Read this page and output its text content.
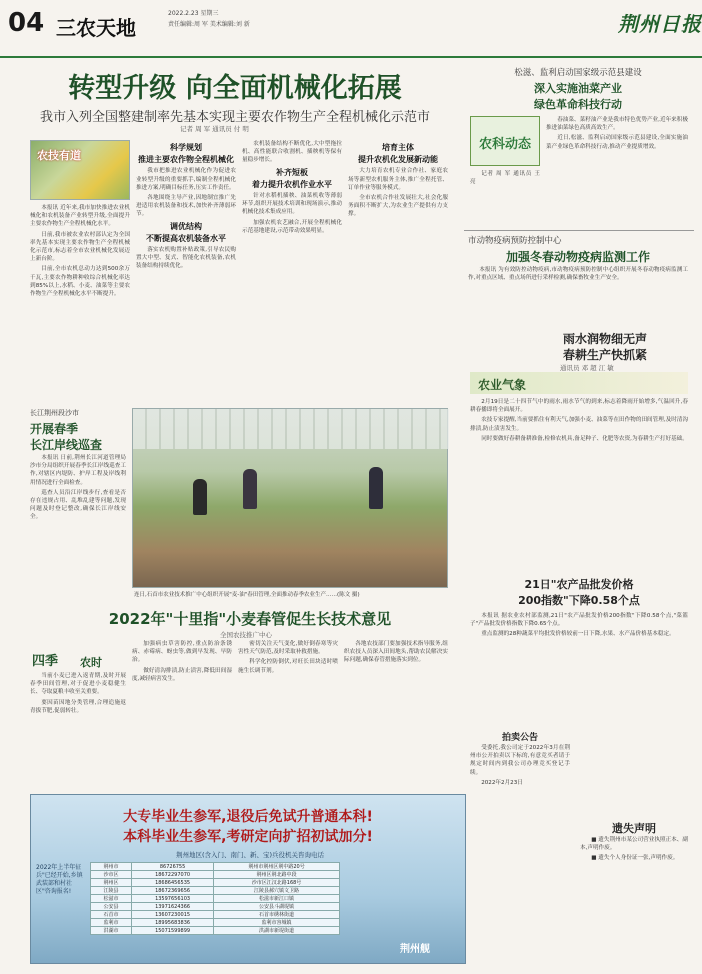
04 三农天地
2022.2.23 星期三
责任编辑:周 军 美术编辑:刘 新	荆州日报
转型升级 向全面机械化拓展
我市入列全国整建制率先基本实现主要农作物生产全程机械化示范市
记者 周 军 通讯员 付 明
农技有道

本报讯 近年来,我市加快推进农业机械化和农机装备产业转型升级,全面提升主要农作物生产全程机械化水平。

日前,我市被农业农村部认定为全国率先基本实现主要农作物生产全程机械化示范市,标志着全市农业机械化发展迈上新台阶。

目前,全市农机总动力达到500余万千瓦,主要农作物耕种收综合机械化率达到85%以上,水稻、小麦、油菜等主要农作物生产全程机械化水平不断提升。

科学规划
推进主要农作物全程机械化

我市把推进农业机械化作为促进农业转型升级的重要抓手,编制全程机械化推进方案,明确目标任务,压实工作责任。

各地围绕主导产业,因地制宜推广先进适用农机装备和技术,加快补齐薄弱环节。

调优结构
不断提高农机装备水平

落实农机购置补贴政策,引导农民购置大中型、复式、智能化农机装备,农机装备结构持续优化。

农机装备结构不断优化,大中型拖拉机、高性能联合收割机、插秧机等保有量稳步增长。

补齐短板
着力提升农机作业水平

针对水稻机插秧、油菜机收等薄弱环节,组织开展技术培训和现场演示,推动机械化技术集成应用。

加强农机农艺融合,开展全程机械化示范基地建设,示范带动效果明显。

培育主体
提升农机化发展新动能

大力培育农机专业合作社、家庭农场等新型农机服务主体,推广全程托管、订单作业等服务模式。

全市农机合作社发展壮大,社会化服务面积不断扩大,为农业生产提供有力支撑。

松滋、监利启动国家级示范县建设
深入实施油菜产业
绿色革命科技行动
农科动态

春油菜、菜籽油产业是我市特色优势产业,近年来积极推进油菜绿色高质高效生产。

近日,松滋、监利启动国家级示范县建设,全面实施油菜产业绿色革命科技行动,推动产业提质增效。

记者 周 军 通讯员 王 亮

市动物疫病预防控制中心
加强冬春动物疫病监测工作

本报讯 为有效防控动物疫病,市动物疫病预防控制中心组织开展冬春动物疫病监测工作,对重点区域、重点场所进行采样检测,确保畜牧业生产安全。

雨水润物细无声
春耕生产快抓紧
通讯员 邓 超 江 敏
农业气象

2月19日是二十四节气中的雨水,雨水节气的到来,标志着降雨开始增多,气温回升,春耕春播即将全面展开。

农技专家提醒,当前要抓住有利天气,加强小麦、油菜等在田作物的田间管理,及时清沟排渍,防止渍害发生。

同时要做好春耕备耕准备,检修农机具,备足种子、化肥等农资,为春耕生产打好基础。

21日"农产品批发价格
200指数"下降0.58个点

本报讯 据农业农村部监测,21日"农产品批发价格200指数"下降0.58个点,"菜篮子"产品批发价格指数下降0.65个点。

重点监测的28种蔬菜平均批发价格较前一日下降,水果、水产品价格基本稳定。

长江荆州段沙市
开展春季
长江岸线巡查

本报讯 日前,荆州长江河道管理局沙市分局组织开展春季长江岸线巡查工作,对辖区内堤防、护岸工程及岸线利用情况进行全面检查。

巡查人员沿江岸线步行,查看是否存在违规占用、乱堆乱建等问题,发现问题及时登记整改,确保长江岸线安全。

连日,石首市农业技术推广中心组织开展"麦-油"春田管理,全面推动春季农业生产……(陈文 摄)
2022年"十里指"小麦春管促生长技术意见
全国农技推广中心
四季 农时

当前小麦已进入返青期,及时开展春季田间管理,对于促进小麦稳健生长、夺取夏粮丰收至关重要。

要因苗因地分类管理,合理追施返青拔节肥,促弱转壮。

加强病虫草害防控,重点防治条锈病、赤霉病、蚜虫等,做到早发现、早防治。

做好清沟排渍,防止渍害,降低田间湿度,减轻病害发生。

密切关注天气变化,做好倒春寒等灾害性天气防范,及时采取补救措施。

科学化控防倒伏,对旺长田块适时喷施生长调节剂。

各地农技部门要加强技术指导服务,组织农技人员深入田间地头,帮助农民解决实际问题,确保春管措施落实到位。

拍卖公告

受委托,我公司定于2022年3月在荆州市公开拍卖以下标的,有意竞买者请于规定时间内到我公司办理竞买登记手续。

2022年2月23日

遗失声明

■ 遗失荆州市某公司营业执照正本、副本,声明作废。

■ 遗失个人身份证一张,声明作废。

大专毕业生参军,退役后免试升普通本科!
本科毕业生参军,考研定向扩招初试加分!
荆州地区(含入门、南门、新、宝)兵役机关咨询电话
2022年上半年征兵"已经开始,乡镇武装部和村社区"咨询报名!
荆州市	86726755	荆州市荆州区荆中路20号
沙市区	18672297070	荆州区荆北路中段
荆州区	18686456535	沙市区江汉北路168号
江陵县	18672369656	江陵县郝穴镇文卫路
松滋市	13597656103	松滋市新江口镇
公安县	13971624366	公安县斗湖堤镇
石首市	13607230015	石首市绣林街道
监利市	18995683836	监利市容城镇
洪湖市	15071599899	洪湖市新堤街道
荆州舰
